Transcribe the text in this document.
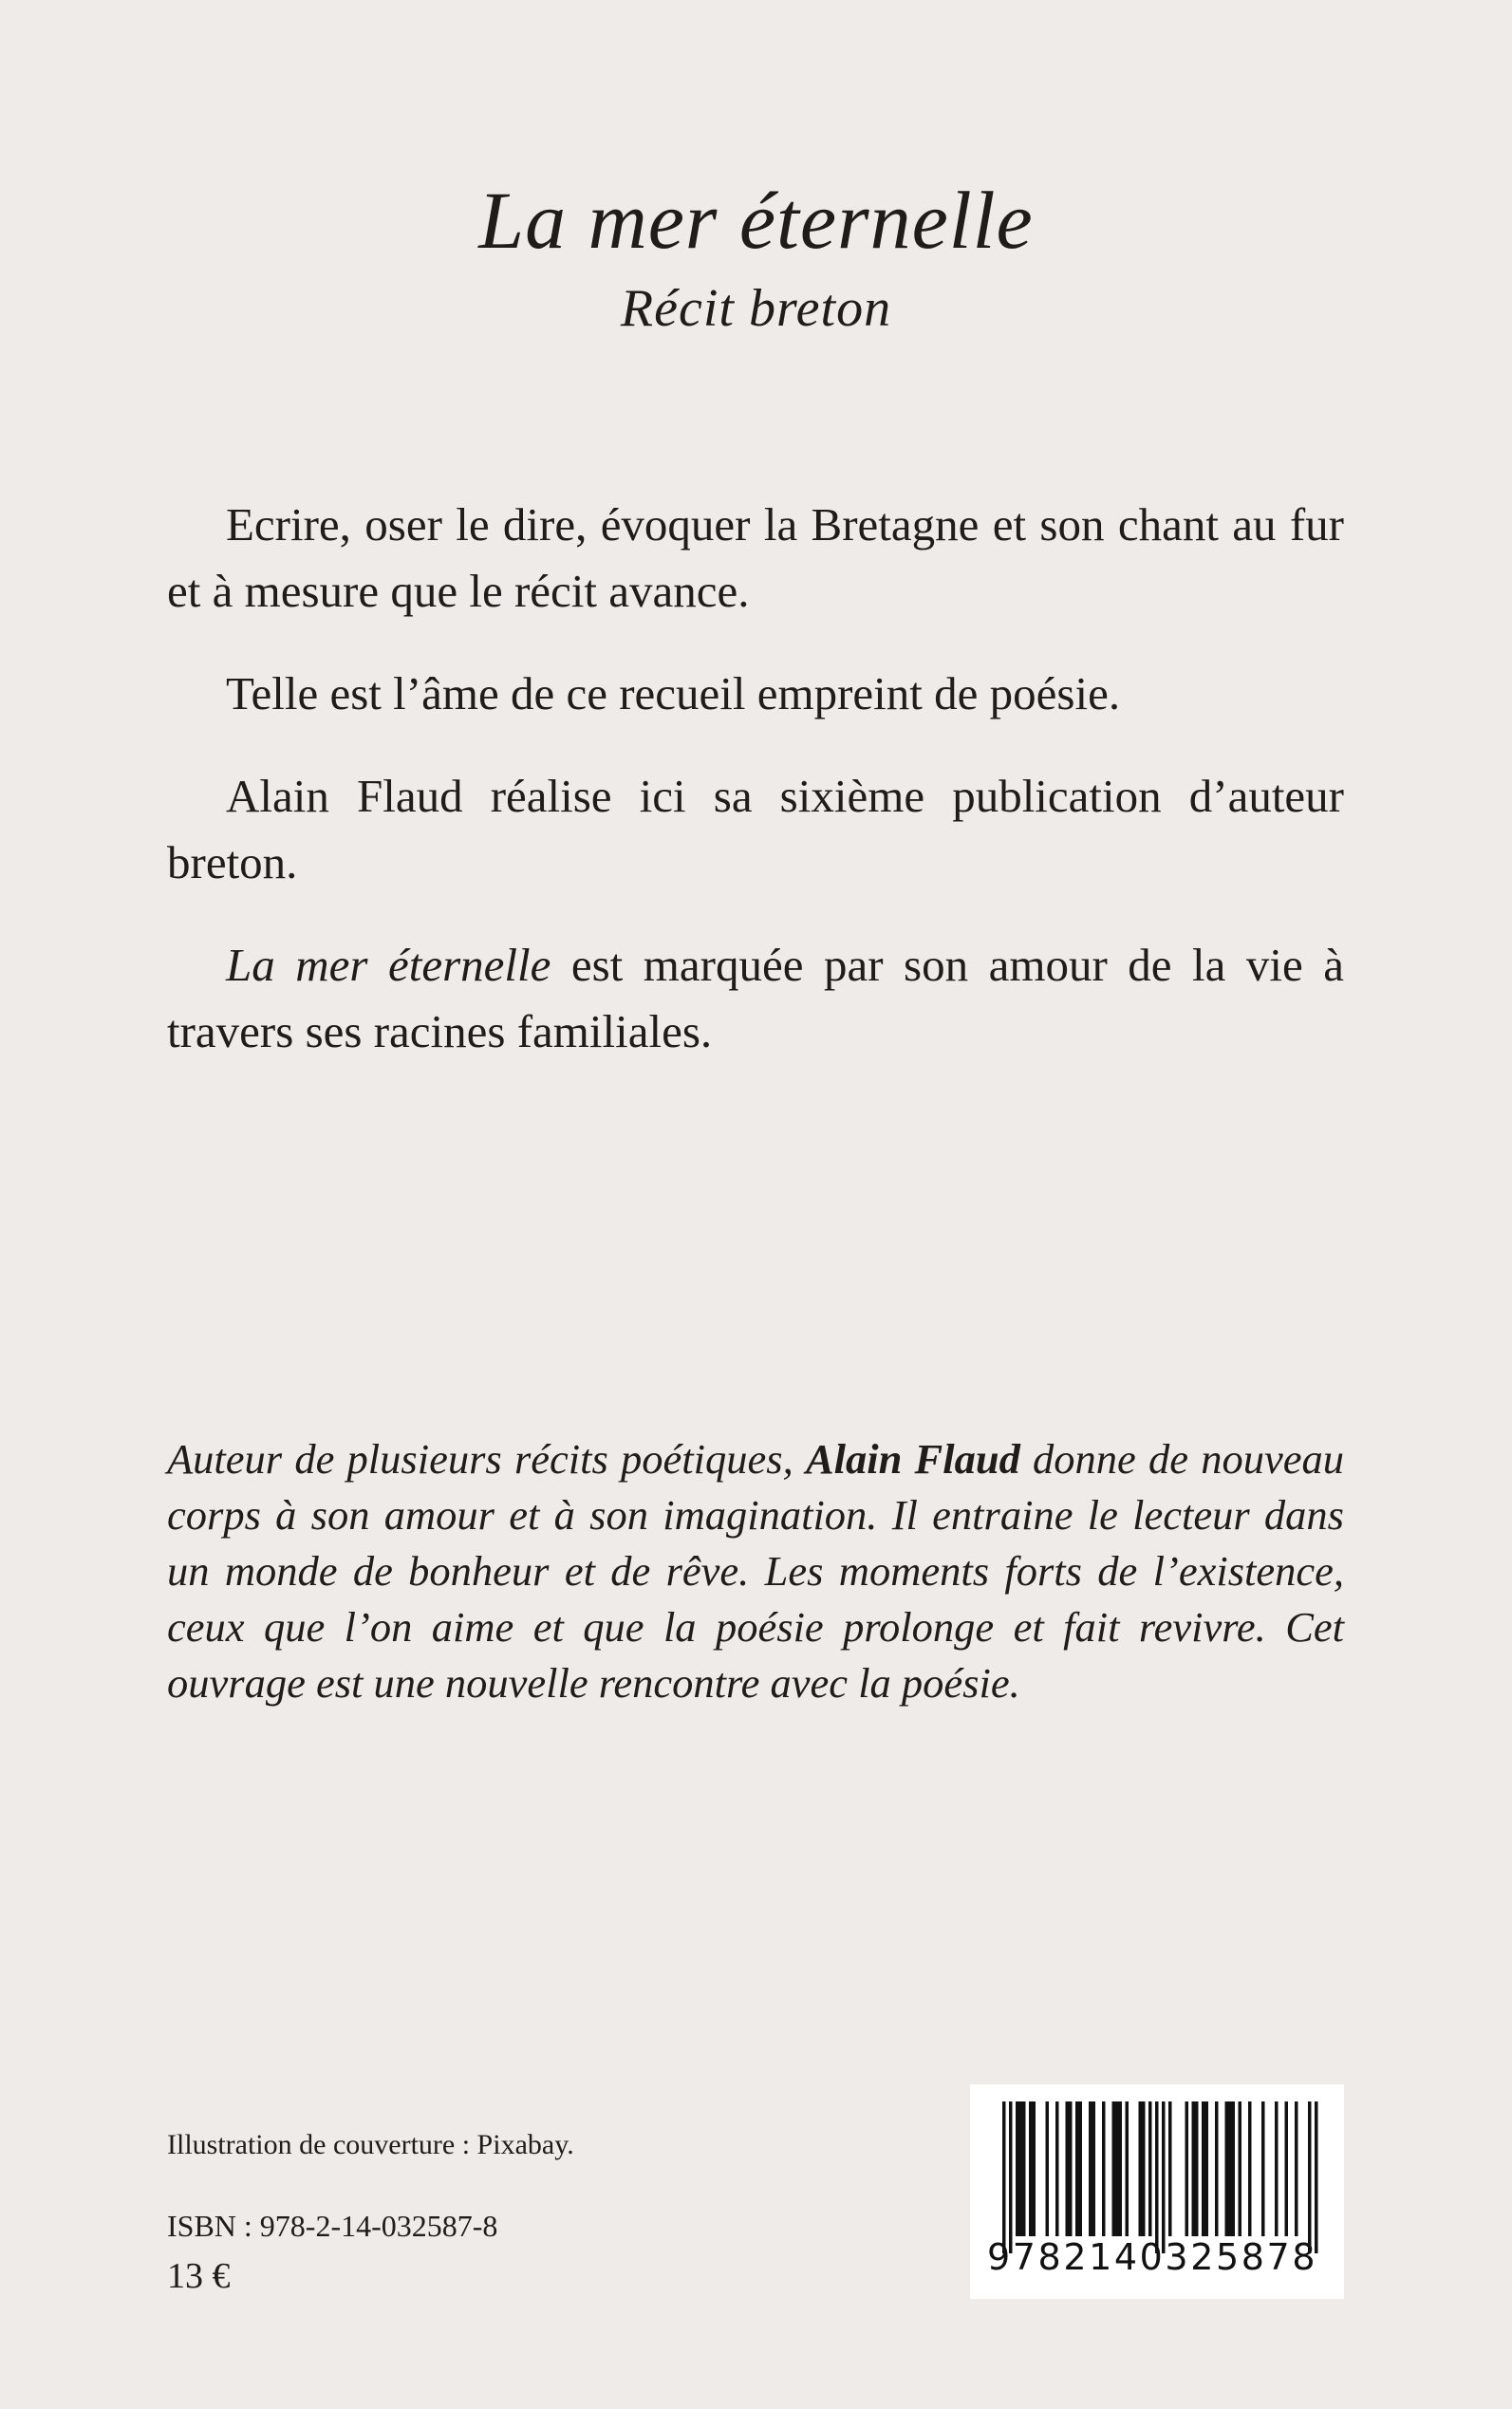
La mer éternelle
Récit breton

Ecrire, oser le dire, évoquer la Bretagne et son chant au fur et à mesure que le récit avance.

Telle est l’âme de ce recueil empreint de poésie.

Alain Flaud réalise ici sa sixième publication d’auteur breton.

La mer éternelle est marquée par son amour de la vie à travers ses racines familiales.

Auteur de plusieurs récits poétiques, Alain Flaud donne de nouveau corps à son amour et à son imagination. Il entraine le lecteur dans un monde de bonheur et de rêve. Les moments forts de l’existence, ceux que l’on aime et que la poésie prolonge et fait revivre. Cet ouvrage est une nouvelle rencontre avec la poésie.

Illustration de couverture : Pixabay.
ISBN : 978-2-14-032587-8
13 €	9782140325878
